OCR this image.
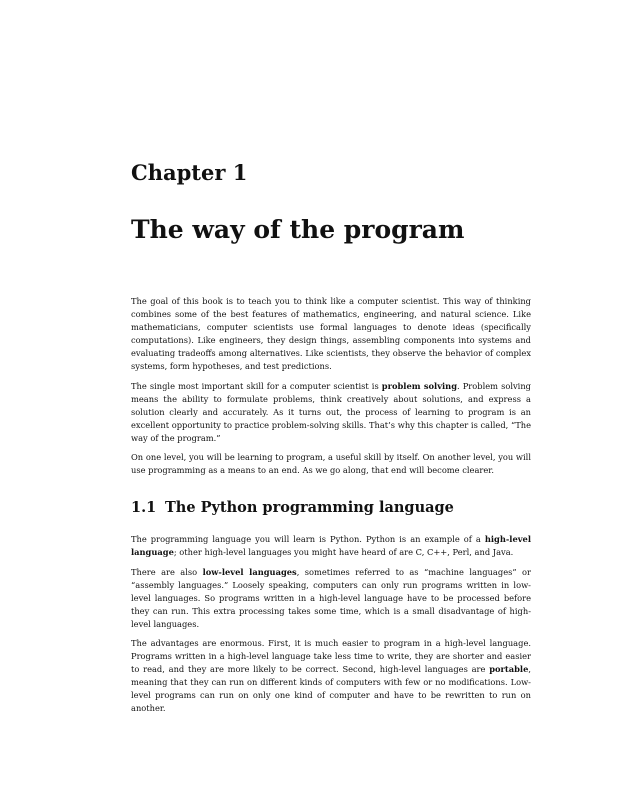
Chapter 1
The way of the program

The goal of this book is to teach you to think like a computer scientist. This way of thinking combines some of the best features of mathematics, engineering, and natural science. Like mathematicians, computer scientists use formal languages to denote ideas (specifically computations). Like engineers, they design things, assembling components into systems and evaluating tradeoffs among alternatives. Like scientists, they observe the behavior of complex systems, form hypotheses, and test predictions.

The single most important skill for a computer scientist is problem solving. Problem solving means the ability to formulate problems, think creatively about solutions, and express a solution clearly and accurately. As it turns out, the process of learning to program is an excellent opportunity to practice problem-solving skills. That’s why this chapter is called, “The way of the program.”

On one level, you will be learning to program, a useful skill by itself. On another level, you will use programming as a means to an end. As we go along, that end will become clearer.

1.1 The Python programming language

The programming language you will learn is Python. Python is an example of a high-level language; other high-level languages you might have heard of are C, C++, Perl, and Java.

There are also low-level languages, sometimes referred to as “machine languages” or “assembly languages.” Loosely speaking, computers can only run programs written in low-level languages. So programs written in a high-level language have to be processed before they can run. This extra processing takes some time, which is a small disadvantage of high-level languages.

The advantages are enormous. First, it is much easier to program in a high-level language. Programs written in a high-level language take less time to write, they are shorter and easier to read, and they are more likely to be correct. Second, high-level languages are portable, meaning that they can run on different kinds of computers with few or no modifications. Low-level programs can run on only one kind of computer and have to be rewritten to run on another.
